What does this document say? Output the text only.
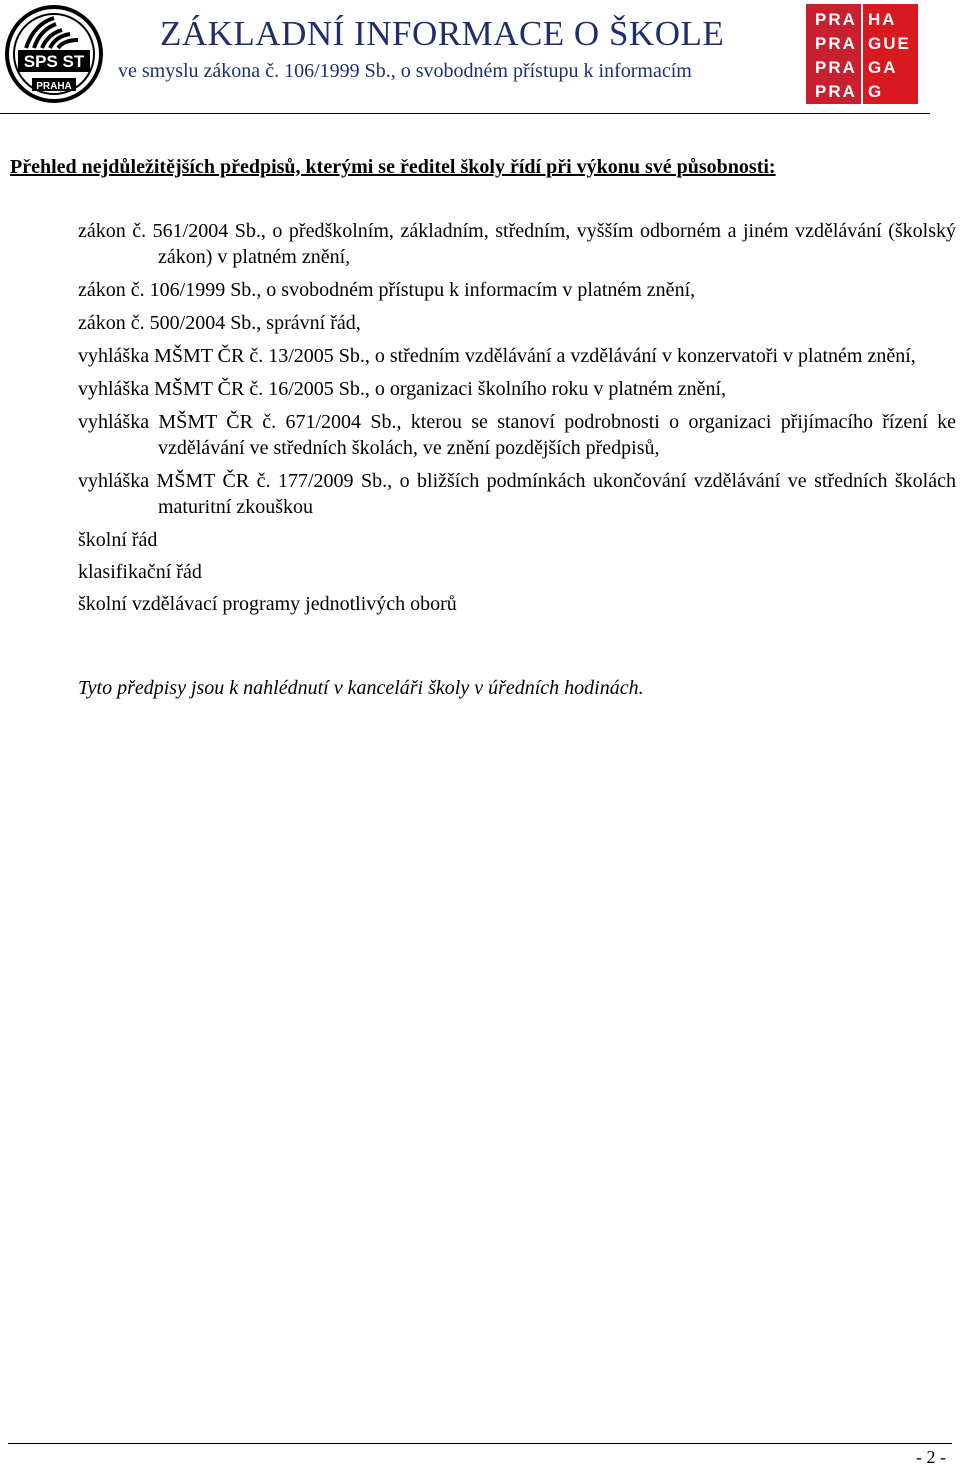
SPS ST
PRAHA
ZÁKLADNÍ INFORMACE O ŠKOLE
ve smyslu zákona č. 106/1999 Sb., o svobodném přístupu k informacím
PRA HA
PRA GUE
PRA GA
PRA G
Přehled nejdůležitějších předpisů, kterými se ředitel školy řídí při výkonu své působnosti:
zákon č. 561/2004 Sb., o předškolním, základním, středním, vyšším odborném a jiném vzdělávání (školský zákon) v platném znění,
zákon č. 106/1999 Sb., o svobodném přístupu k informacím v platném znění,
zákon č. 500/2004 Sb., správní řád,
vyhláška MŠMT ČR č. 13/2005 Sb., o středním vzdělávání a vzdělávání v konzervatoři v platném znění,
vyhláška MŠMT ČR č. 16/2005 Sb., o organizaci školního roku v platném znění,
vyhláška MŠMT ČR č. 671/2004 Sb., kterou se stanoví podrobnosti o organizaci přijímacího řízení ke vzdělávání ve středních školách, ve znění pozdějších předpisů,
vyhláška MŠMT ČR č. 177/2009 Sb., o bližších podmínkách ukončování vzdělávání ve středních školách maturitní zkouškou
školní řád
klasifikační řád
školní vzdělávací programy jednotlivých oborů
Tyto předpisy jsou k nahlédnutí v kanceláři školy v úředních hodinách.
- 2 -
